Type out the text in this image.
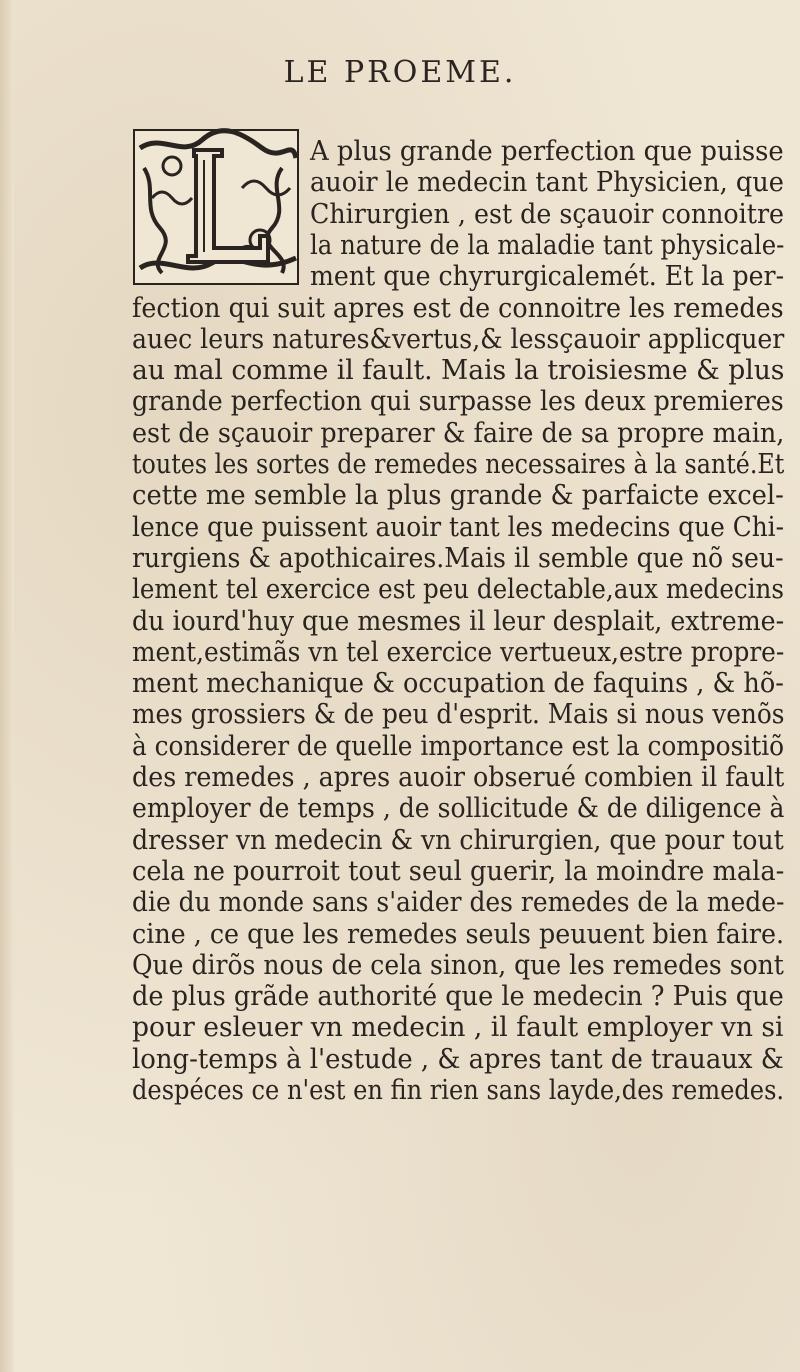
LE PROEME.
A plus grande perfection que puisse
auoir le medecin tant Physicien, que
Chirurgien , est de sçauoir connoitre
la nature de la maladie tant physicale-
ment que chyrurgicalemét. Et la per-
fection qui suit apres est de connoitre les remedes
auec leurs natures&vertus,& lessçauoir applicquer
au mal comme il fault. Mais la troisiesme & plus
grande perfection qui surpasse les deux premieres
est de sçauoir preparer & faire de sa propre main,
toutes les sortes de remedes necessaires à la santé.Et
cette me semble la plus grande & parfaicte excel-
lence que puissent auoir tant les medecins que Chi-
rurgiens & apothicaires.Mais il semble que nõ seu-
lement tel exercice est peu delectable,aux medecins
du iourd'huy que mesmes il leur desplait, extreme-
ment,estimãs vn tel exercice vertueux,estre propre-
ment mechanique & occupation de faquins , & hõ-
mes grossiers & de peu d'esprit. Mais si nous venõs
à considerer de quelle importance est la compositiõ
des remedes , apres auoir obserué combien il fault
employer de temps , de sollicitude & de diligence à
dresser vn medecin & vn chirurgien, que pour tout
cela ne pourroit tout seul guerir, la moindre mala-
die du monde sans s'aider des remedes de la mede-
cine , ce que les remedes seuls peuuent bien faire.
Que dirõs nous de cela sinon, que les remedes sont
de plus grãde authorité que le medecin ? Puis que
pour esleuer vn medecin , il fault employer vn si
long-temps à l'estude , & apres tant de trauaux &
despéces ce n'est en fin rien sans layde,des remedes.
